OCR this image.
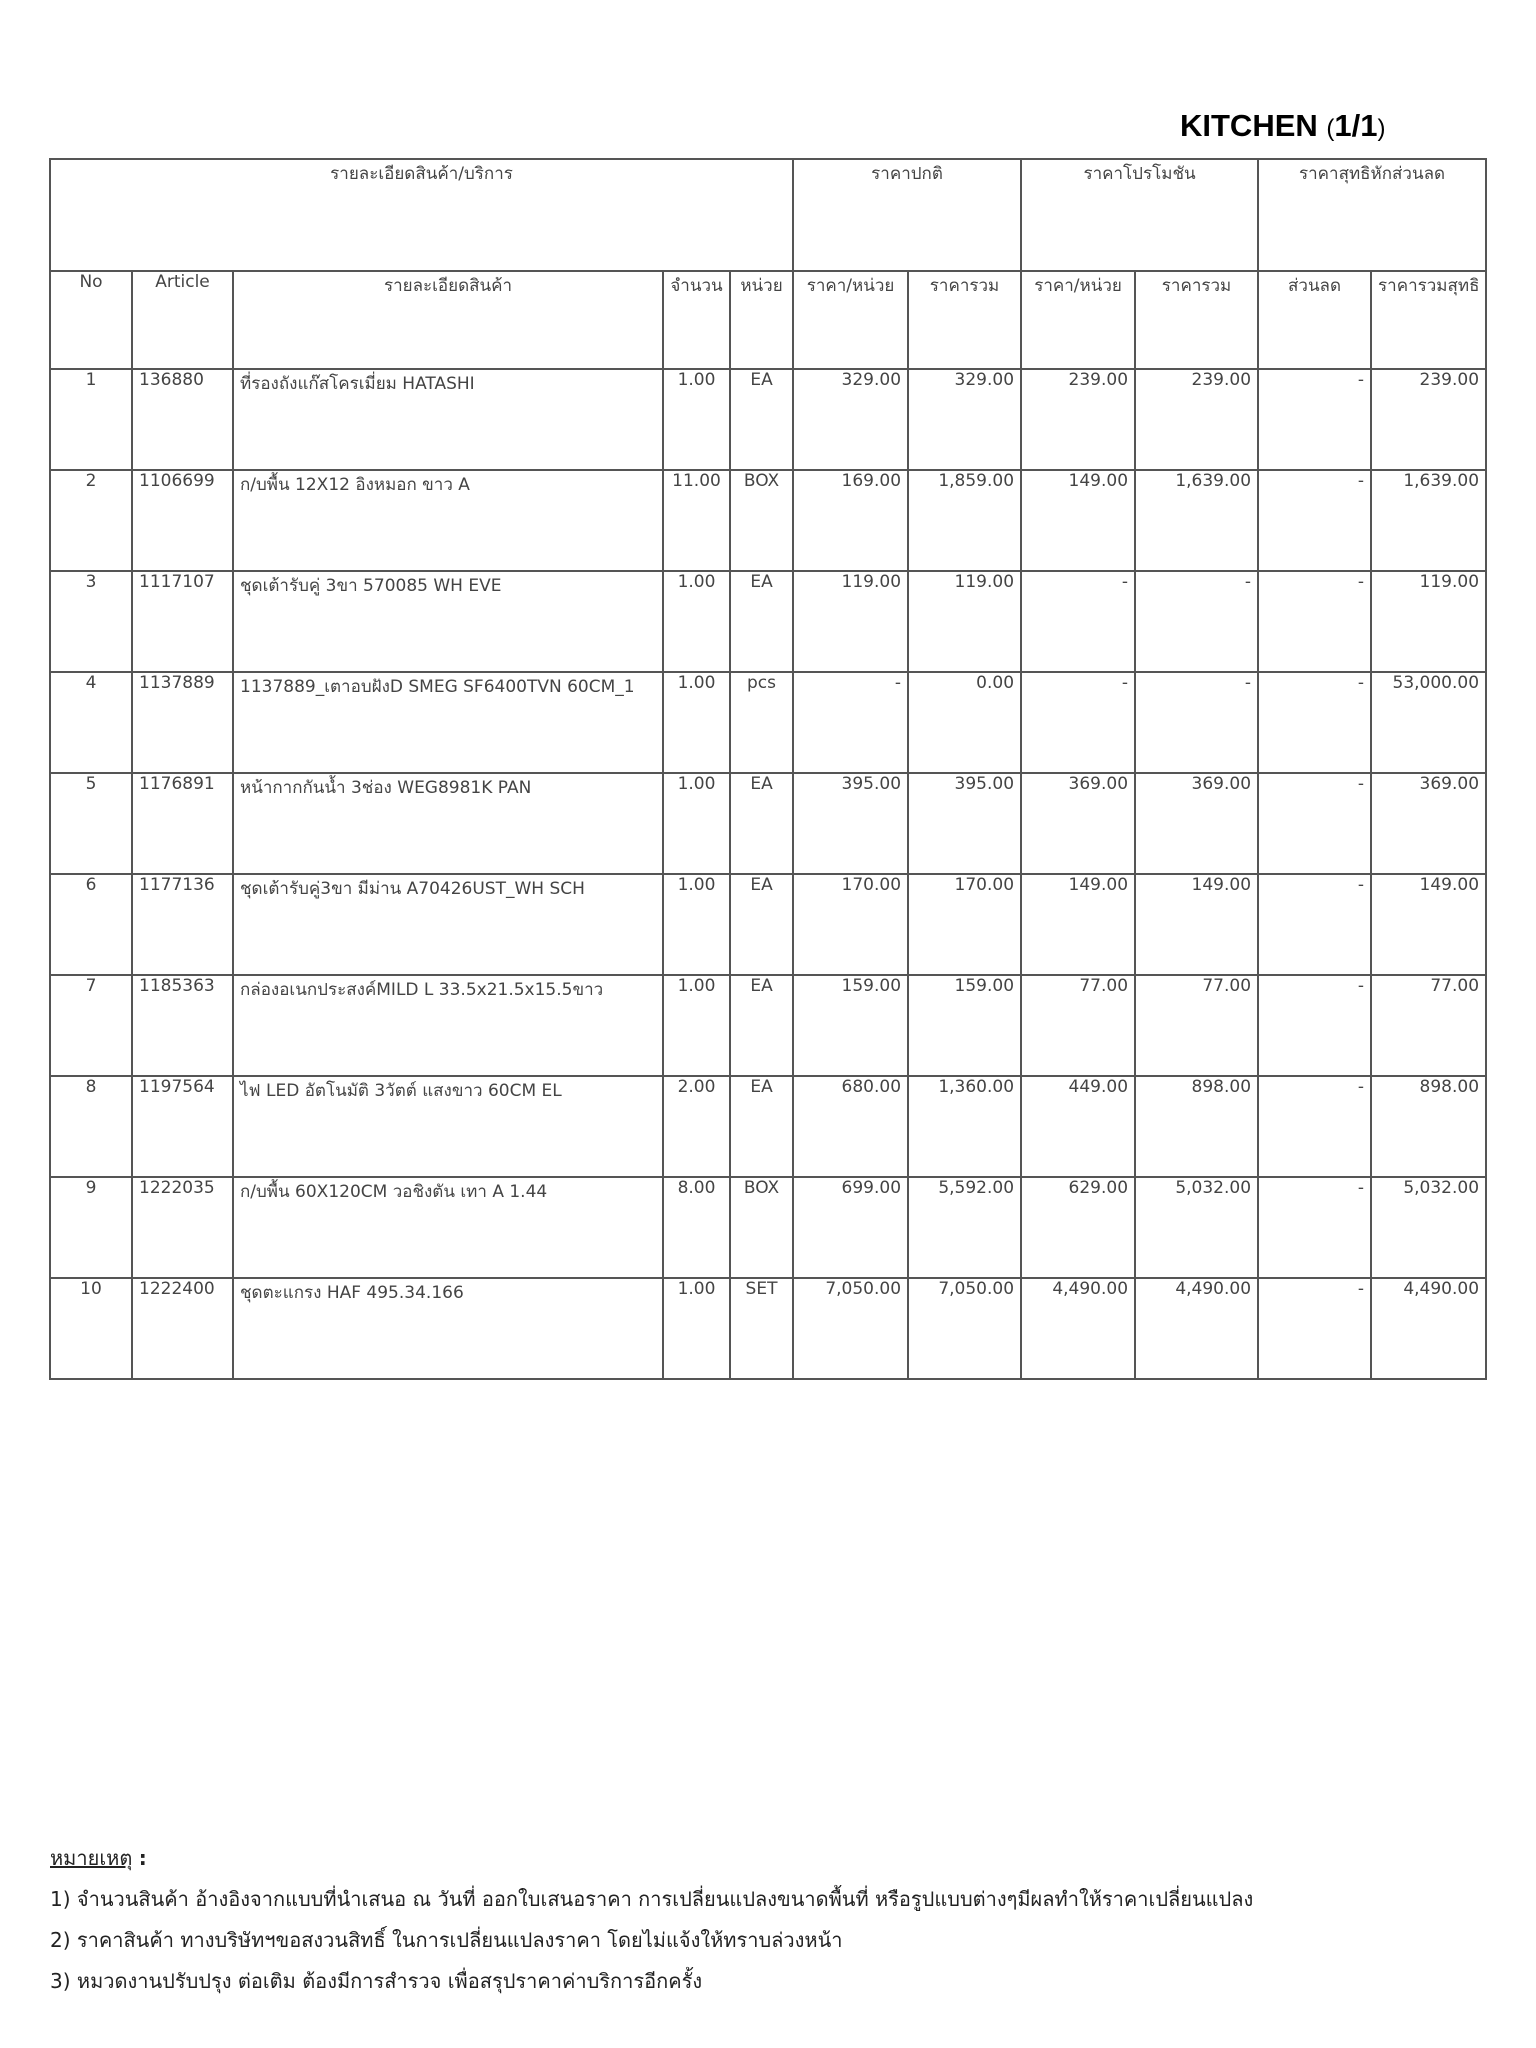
KITCHEN (1/1)
รายละเอียดสินค้า/บริการ					ราคาปกติ		ราคาโปรโมชัน		ราคาสุทธิหักส่วนลด	
No	Article	รายละเอียดสินค้า	จำนวน	หน่วย	ราคา/หน่วย	ราคารวม	ราคา/หน่วย	ราคารวม	ส่วนลด	ราคารวมสุทธิ
1	136880	ที่รองถังแก๊สโครเมี่ยม HATASHI	1.00	EA	329.00	329.00	239.00	239.00	-	239.00
2	1106699	ก/บพื้น 12X12 อิงหมอก ขาว A	11.00	BOX	169.00	1,859.00	149.00	1,639.00	-	1,639.00
3	1117107	ชุดเต้ารับคู่ 3ขา 570085 WH EVE	1.00	EA	119.00	119.00	-	-	-	119.00
4	1137889	1137889_เตาอบฝังD SMEG SF6400TVN 60CM_1	1.00	pcs	-	0.00	-	-	-	53,000.00
5	1176891	หน้ากากกันน้ำ 3ช่อง WEG8981K PAN	1.00	EA	395.00	395.00	369.00	369.00	-	369.00
6	1177136	ชุดเต้ารับคู่3ขา มีม่าน A70426UST_WH SCH	1.00	EA	170.00	170.00	149.00	149.00	-	149.00
7	1185363	กล่องอเนกประสงค์MILD L 33.5x21.5x15.5ขาว	1.00	EA	159.00	159.00	77.00	77.00	-	77.00
8	1197564	ไฟ LED อัตโนมัติ 3วัตต์ แสงขาว 60CM EL	2.00	EA	680.00	1,360.00	449.00	898.00	-	898.00
9	1222035	ก/บพื้น 60X120CM วอชิงตัน เทา A 1.44	8.00	BOX	699.00	5,592.00	629.00	5,032.00	-	5,032.00
10	1222400	ชุดตะแกรง HAF 495.34.166	1.00	SET	7,050.00	7,050.00	4,490.00	4,490.00	-	4,490.00
หมายเหตุ :
1) จำนวนสินค้า อ้างอิงจากแบบที่นำเสนอ ณ วันที่ ออกใบเสนอราคา การเปลี่ยนแปลงขนาดพื้นที่ หรือรูปแบบต่างๆมีผลทำให้ราคาเปลี่ยนแปลง
2) ราคาสินค้า ทางบริษัทฯขอสงวนสิทธิ์ ในการเปลี่ยนแปลงราคา โดยไม่แจ้งให้ทราบล่วงหน้า
3) หมวดงานปรับปรุง ต่อเติม ต้องมีการสำรวจ เพื่อสรุปราคาค่าบริการอีกครั้ง
